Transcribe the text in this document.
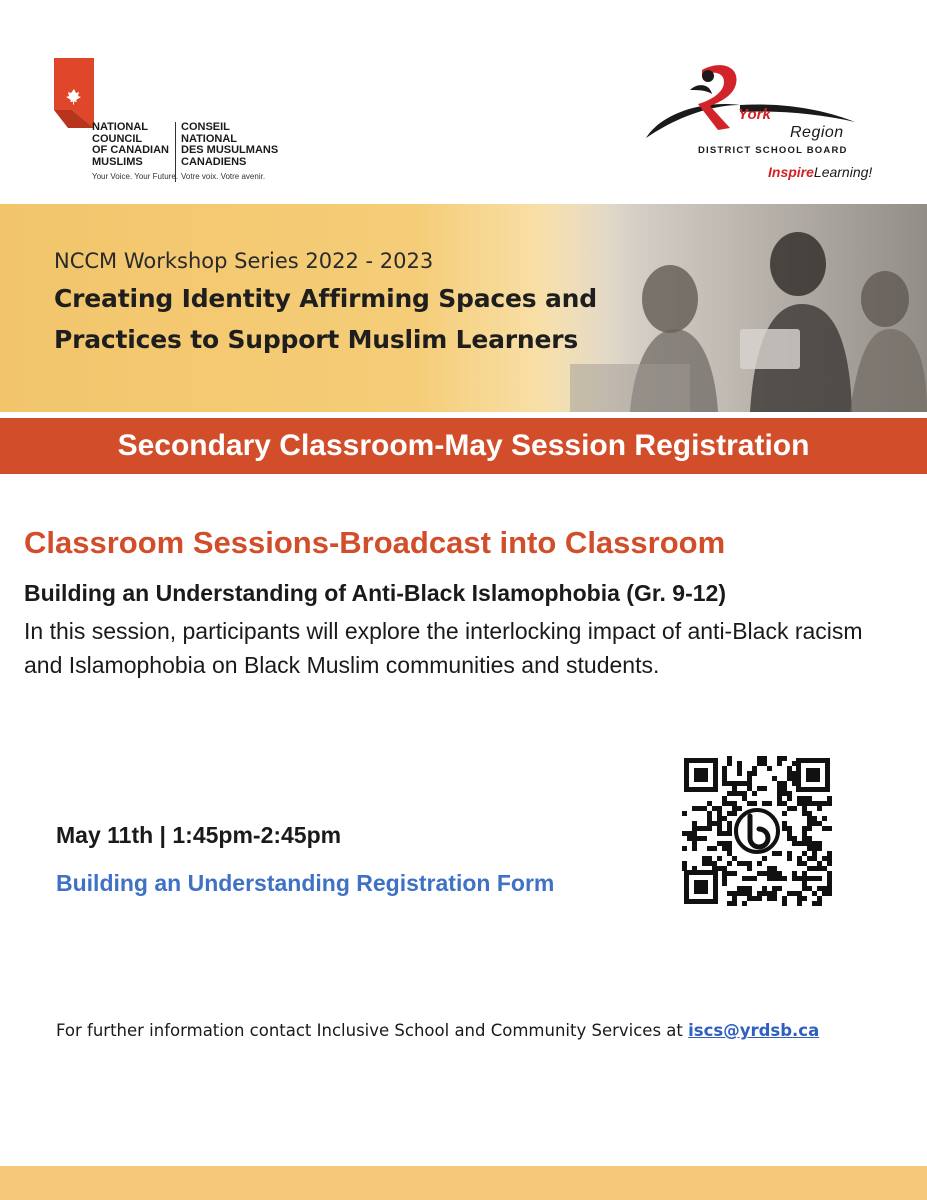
NATIONAL
COUNCIL
OF CANADIAN
MUSLIMS
CONSEIL
NATIONAL
DES MUSULMANS
CANADIENS
Your Voice. Your Future. Votre voix. Votre avenir.
York
Region
DISTRICT SCHOOL BOARD
InspireLearning!
NCCM Workshop Series 2022 - 2023
Creating Identity Affirming Spaces and
Practices to Support Muslim Learners
Secondary Classroom-May Session Registration
Classroom Sessions-Broadcast into Classroom
Building an Understanding of Anti-Black Islamophobia (Gr. 9-12)
In this session, participants will explore the interlocking impact of anti-Black racism and Islamophobia on Black Muslim communities and students.
May 11th | 1:45pm-2:45pm
Building an Understanding Registration Form
For further information contact Inclusive School and Community Services at iscs@yrdsb.ca
